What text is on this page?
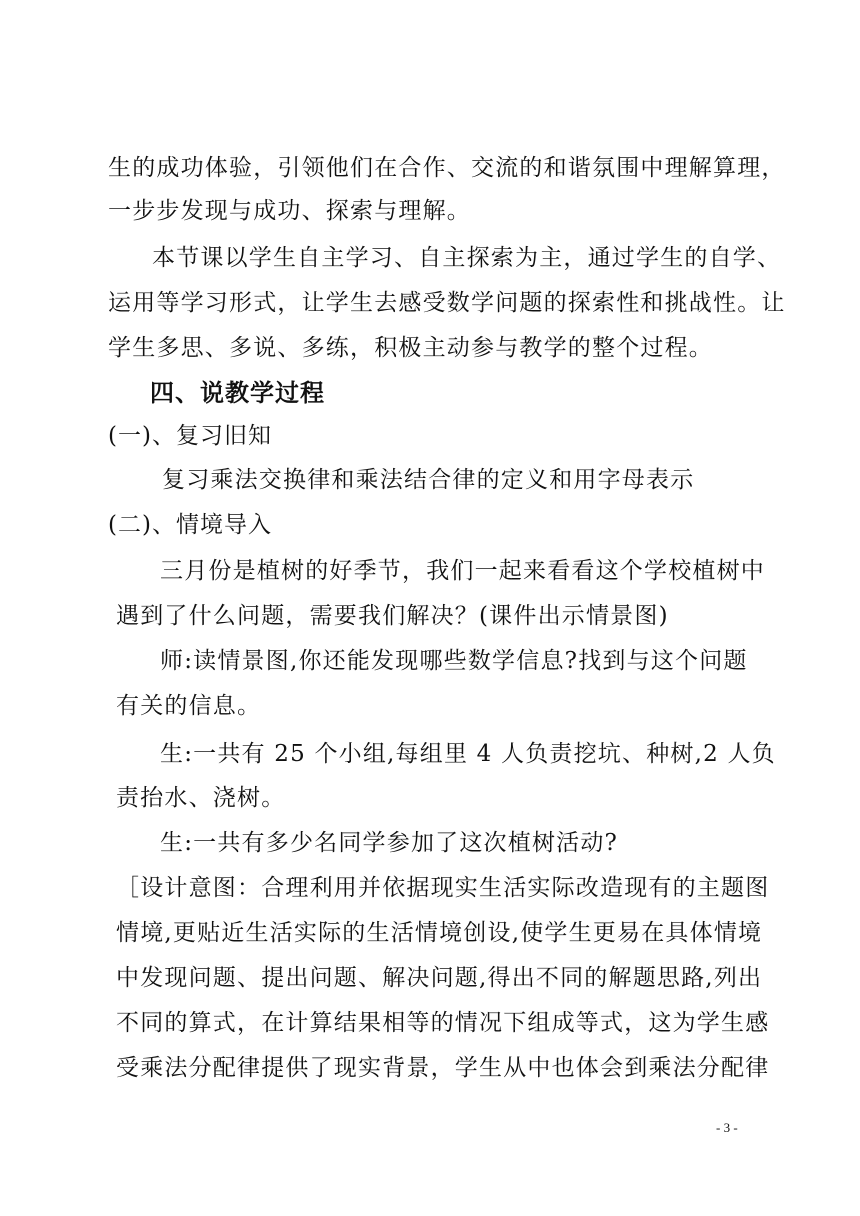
生的成功体验，引领他们在合作、交流的和谐氛围中理解算理，
一步步发现与成功、探索与理解。
本节课以学生自主学习、自主探索为主，通过学生的自学、
运用等学习形式，让学生去感受数学问题的探索性和挑战性。让
学生多思、多说、多练，积极主动参与教学的整个过程。
四、说教学过程
(一)、复习旧知
复习乘法交换律和乘法结合律的定义和用字母表示
(二)、情境导入
三月份是植树的好季节，我们一起来看看这个学校植树中
遇到了什么问题，需要我们解决？(课件出示情景图)
师:读情景图,你还能发现哪些数学信息?找到与这个问题
有关的信息。
生:一共有 25 个小组,每组里 4 人负责挖坑、种树,2 人负
责抬水、浇树。
生:一共有多少名同学参加了这次植树活动?
［设计意图：合理利用并依据现实生活实际改造现有的主题图
情境,更贴近生活实际的生活情境创设,使学生更易在具体情境
中发现问题、提出问题、解决问题,得出不同的解题思路,列出
不同的算式，在计算结果相等的情况下组成等式，这为学生感
受乘法分配律提供了现实背景，学生从中也体会到乘法分配律
- 3 -
